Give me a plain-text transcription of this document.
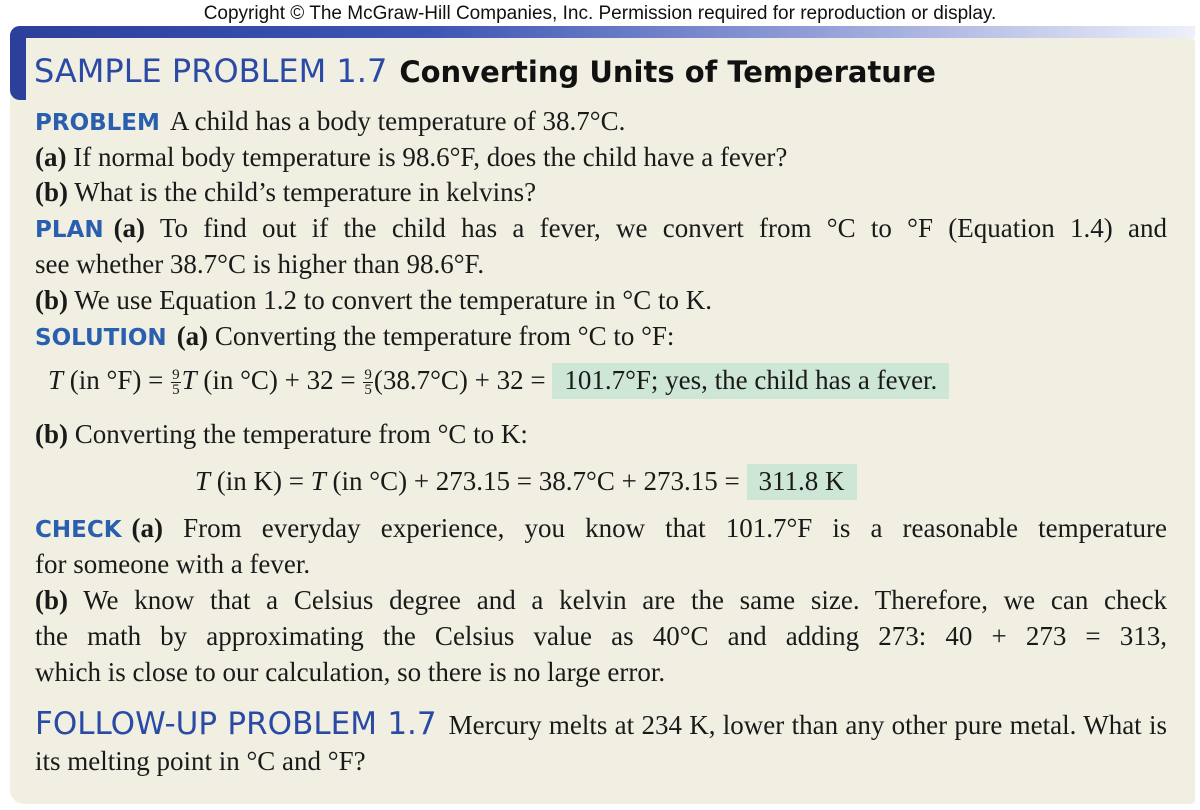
Copyright © The McGraw-Hill Companies, Inc. Permission required for reproduction or display.
SAMPLE PROBLEM 1.7 Converting Units of Temperature
PROBLEM A child has a body temperature of 38.7°C.
(a) If normal body temperature is 98.6°F, does the child have a fever?
(b) What is the child’s temperature in kelvins?
PLAN (a) To find out if the child has a fever, we convert from °C to °F (Equation 1.4) and
see whether 38.7°C is higher than 98.6°F.
(b) We use Equation 1.2 to convert the temperature in °C to K.
SOLUTION (a) Converting the temperature from °C to °F:
T (in $^\circ F) = \frac{9}{5}$ T (in $^\circ C) + 32 = \frac{9}{5} (38.7^\circ C) + 32 = 101.7^\circ F$; yes, the child has a fever.
(b) Converting the temperature from °C to K:
T (in K) = T (in °C) + 273.15 = 38.7°C + 273.15 = 311.8 K
CHECK (a) From everyday experience, you know that 101.7°F is a reasonable temperature
for someone with a fever.
(b) We know that a Celsius degree and a kelvin are the same size. Therefore, we can check
the math by approximating the Celsius value as 40°C and adding 273: 40 + 273 = 313,
which is close to our calculation, so there is no large error.
FOLLOW-UP PROBLEM 1.7 Mercury melts at 234 K, lower than any other pure metal. What is its melting point in °C and °F?
